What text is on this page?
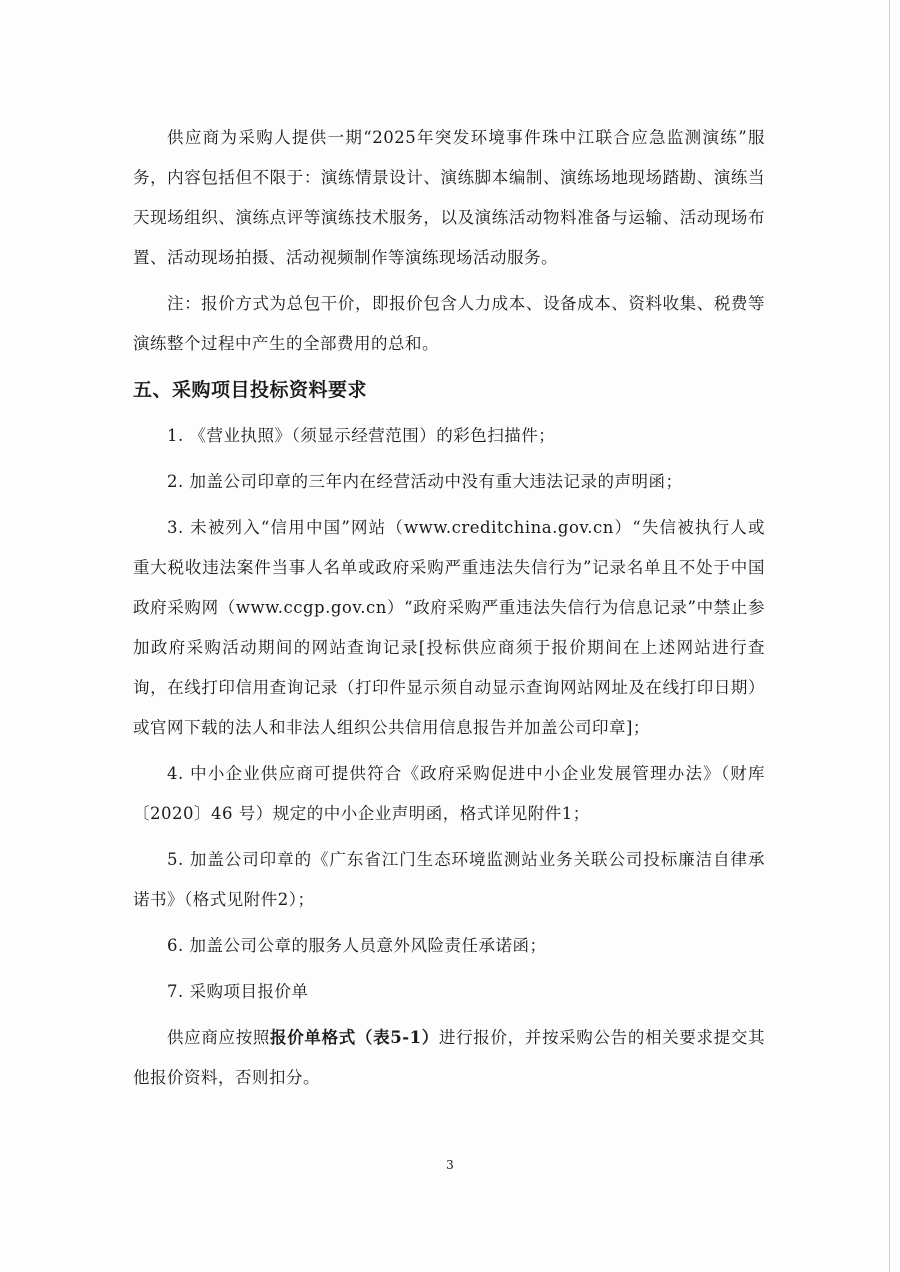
供应商为采购人提供一期“2025年突发环境事件珠中江联合应急监测演练”服务，内容包括但不限于：演练情景设计、演练脚本编制、演练场地现场踏勘、演练当天现场组织、演练点评等演练技术服务，以及演练活动物料准备与运输、活动现场布置、活动现场拍摄、活动视频制作等演练现场活动服务。

注：报价方式为总包干价，即报价包含人力成本、设备成本、资料收集、税费等演练整个过程中产生的全部费用的总和。

五、采购项目投标资料要求

1. 《营业执照》（须显示经营范围）的彩色扫描件；

2. 加盖公司印章的三年内在经营活动中没有重大违法记录的声明函；

3. 未被列入“信用中国”网站（www.creditchina.gov.cn）“失信被执行人或重大税收违法案件当事人名单或政府采购严重违法失信行为”记录名单且不处于中国政府采购网（www.ccgp.gov.cn）“政府采购严重违法失信行为信息记录”中禁止参加政府采购活动期间的网站查询记录[投标供应商须于报价期间在上述网站进行查询，在线打印信用查询记录（打印件显示须自动显示查询网站网址及在线打印日期）或官网下载的法人和非法人组织公共信用信息报告并加盖公司印章]；

4. 中小企业供应商可提供符合《政府采购促进中小企业发展管理办法》（财库〔2020〕46 号）规定的中小企业声明函，格式详见附件1；

5. 加盖公司印章的《广东省江门生态环境监测站业务关联公司投标廉洁自律承诺书》（格式见附件2）；

6. 加盖公司公章的服务人员意外风险责任承诺函；

7. 采购项目报价单

供应商应按照报价单格式（表5-1）进行报价，并按采购公告的相关要求提交其他报价资料，否则扣分。

3
